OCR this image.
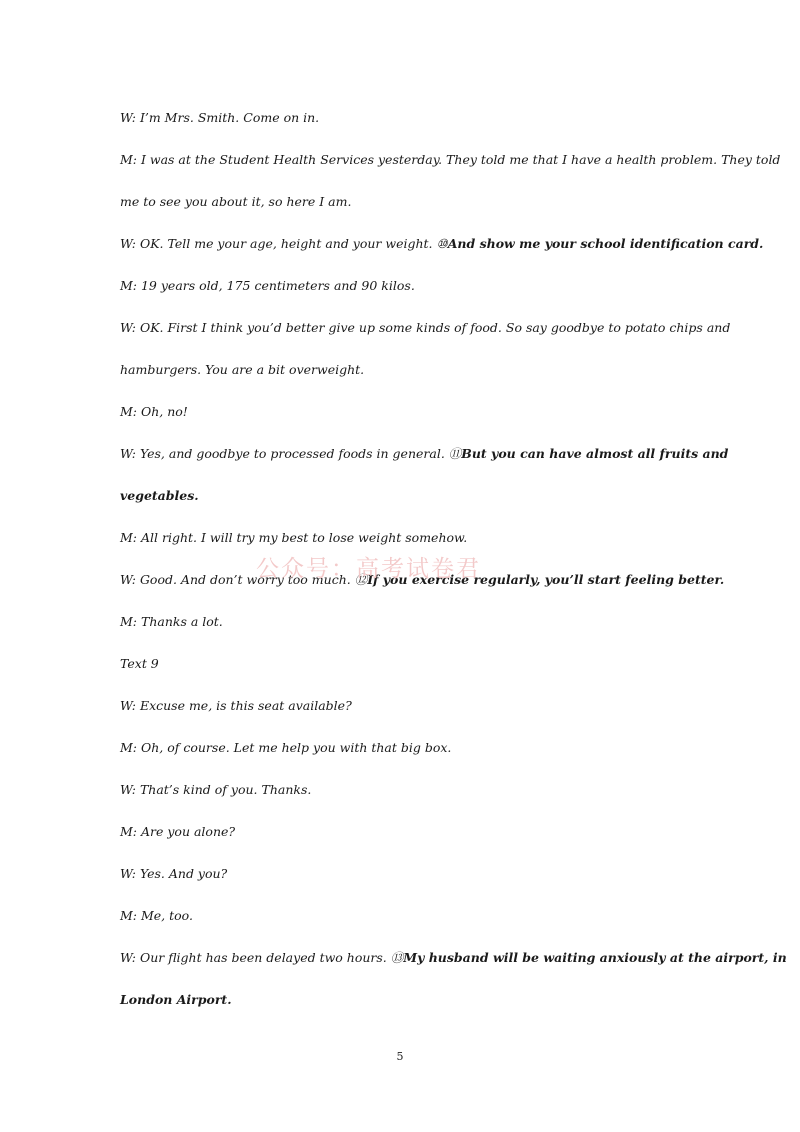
W: I’m Mrs. Smith. Come on in.
M: I was at the Student Health Services yesterday. They told me that I have a health problem. They told
me to see you about it, so here I am.
W: OK. Tell me your age, height and your weight. ⑩And show me your school identification card.
M: 19 years old, 175 centimeters and 90 kilos.
W: OK. First I think you’d better give up some kinds of food. So say goodbye to potato chips and
hamburgers. You are a bit overweight.
M: Oh, no!
W: Yes, and goodbye to processed foods in general. ⑪But you can have almost all fruits and
vegetables.
M: All right. I will try my best to lose weight somehow.
W: Good. And don’t worry too much. ⑫If you exercise regularly, you’ll start feeling better.
M: Thanks a lot.
Text 9
W: Excuse me, is this seat available?
M: Oh, of course. Let me help you with that big box.
W: That’s kind of you. Thanks.
M: Are you alone?
W: Yes. And you?
M: Me, too.
W: Our flight has been delayed two hours. ⑬My husband will be waiting anxiously at the airport, in
London Airport.
公众号：高考试卷君
5
